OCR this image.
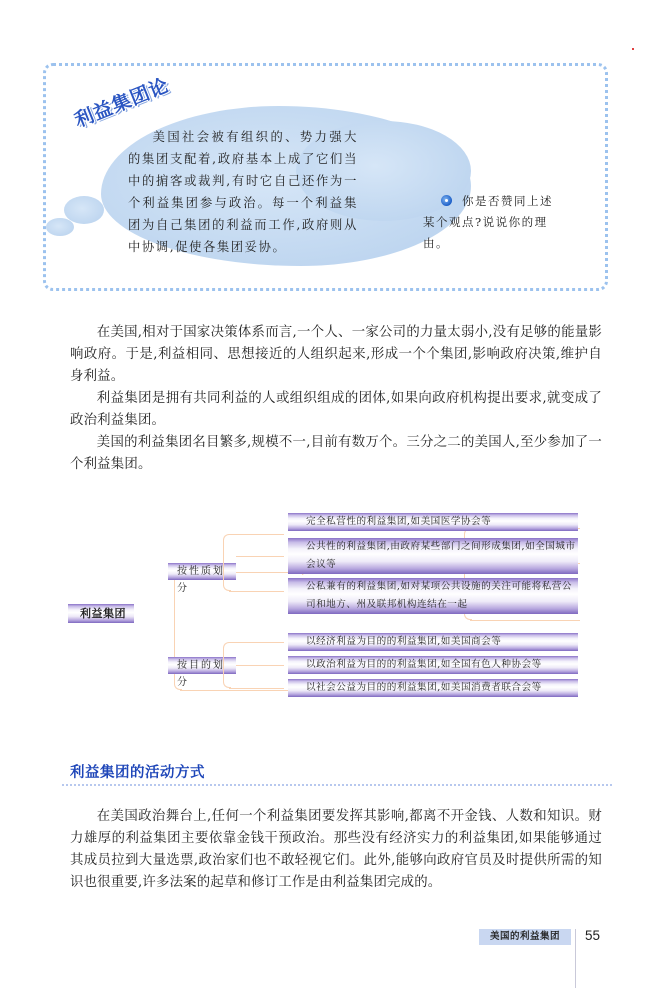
利益集团论
美国社会被有组织的、势力强大的集团支配着,政府基本上成了它们当中的掮客或裁判,有时它自己还作为一个利益集团参与政治。每一个利益集团为自己集团的利益而工作,政府则从中协调,促使各集团妥协。
你是否赞同上述某个观点?说说你的理由。

在美国,相对于国家决策体系而言,一个人、一家公司的力量太弱小,没有足够的能量影响政府。于是,利益相同、思想接近的人组织起来,形成一个个集团,影响政府决策,维护自身利益。

利益集团是拥有共同利益的人或组织组成的团体,如果向政府机构提出要求,就变成了政治利益集团。

美国的利益集团名目繁多,规模不一,目前有数万个。三分之二的美国人,至少参加了一个利益集团。

利益集团
按性质划分
按目的划分
完全私营性的利益集团,如美国医学协会等
公共性的利益集团,由政府某些部门之间形成集团,如全国城市会议等
公私兼有的利益集团,如对某项公共设施的关注可能将私营公司和地方、州及联邦机构连结在一起
以经济利益为目的的利益集团,如美国商会等
以政治利益为目的的利益集团,如全国有色人种协会等
以社会公益为目的的利益集团,如美国消费者联合会等
利益集团的活动方式

在美国政治舞台上,任何一个利益集团要发挥其影响,都离不开金钱、人数和知识。财力雄厚的利益集团主要依靠金钱干预政治。那些没有经济实力的利益集团,如果能够通过其成员拉到大量选票,政治家们也不敢轻视它们。此外,能够向政府官员及时提供所需的知识也很重要,许多法案的起草和修订工作是由利益集团完成的。

美国的利益集团	55
